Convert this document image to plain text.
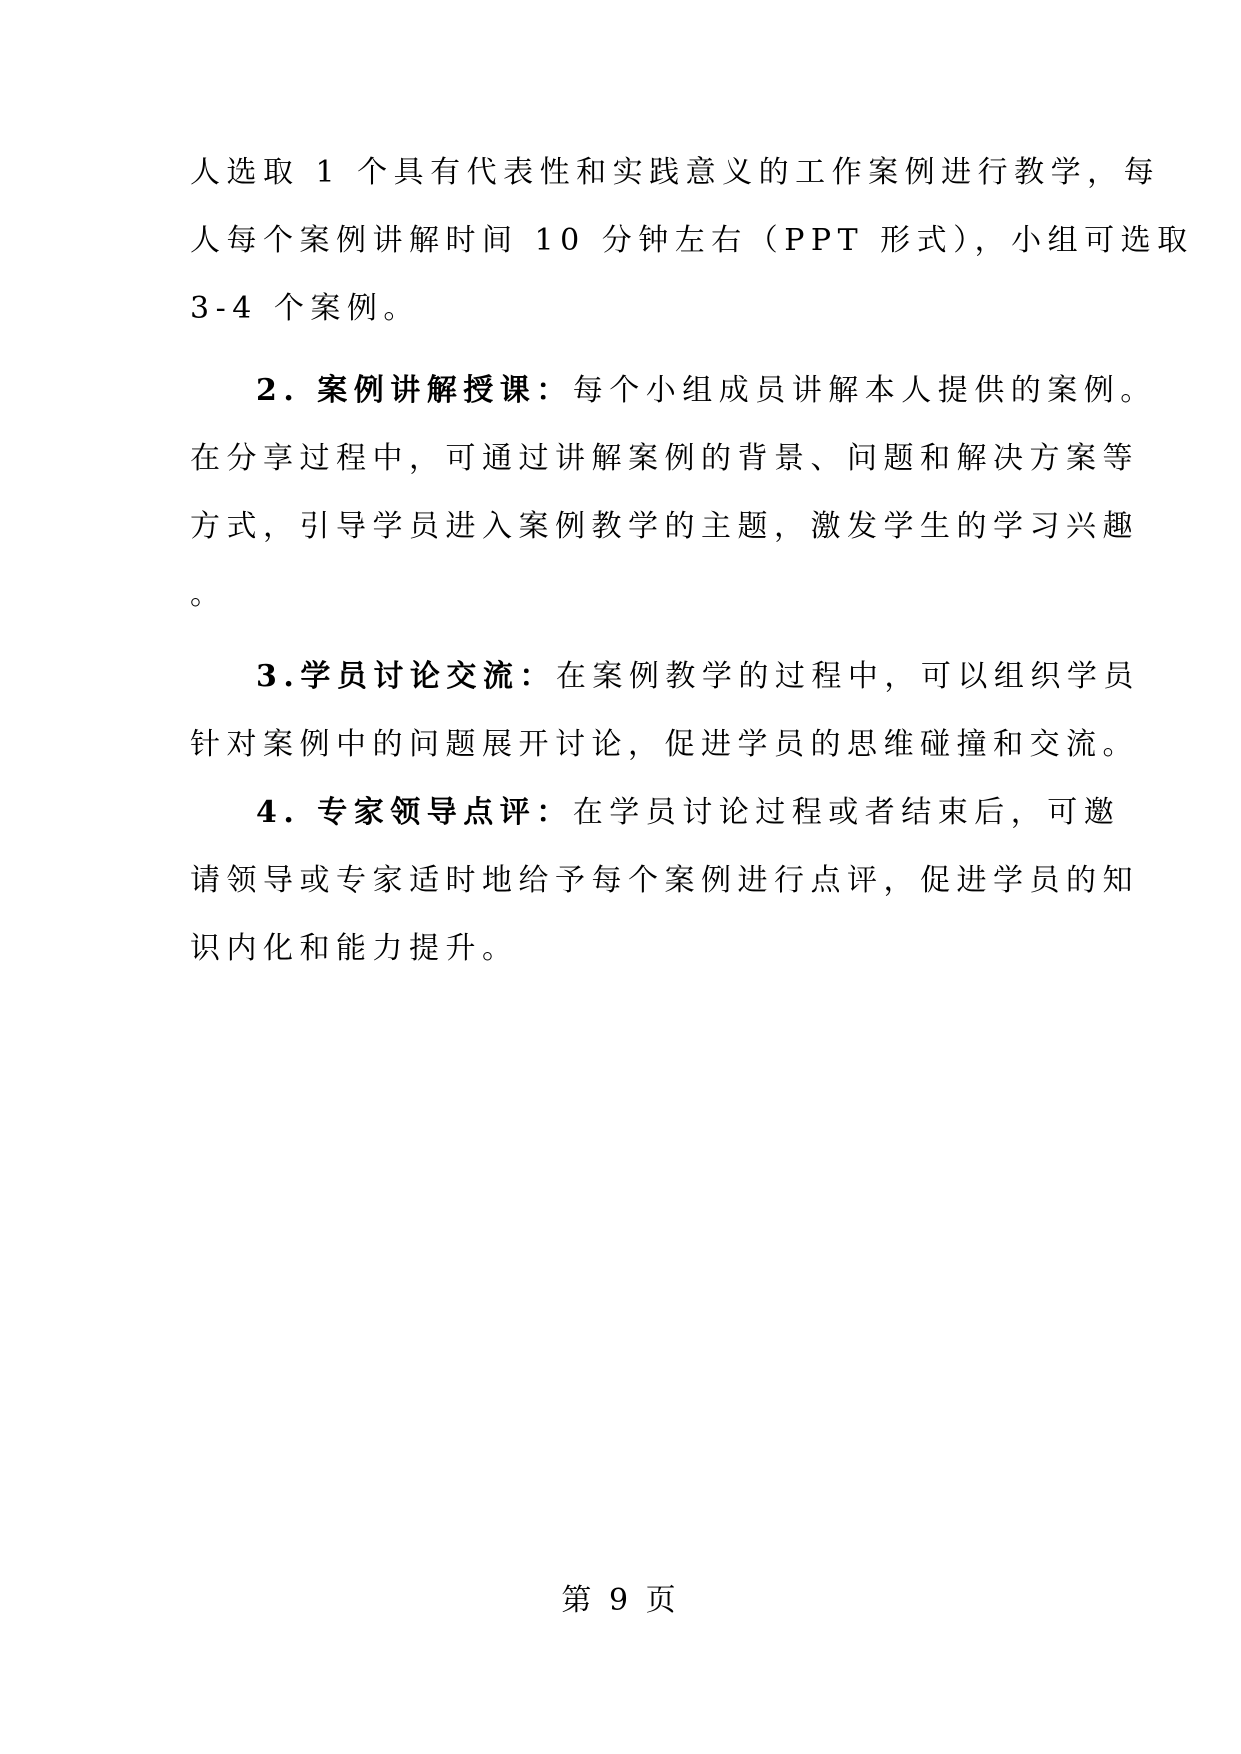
人选取 1 个具有代表性和实践意义的工作案例进行教学，每
人每个案例讲解时间 10 分钟左右（PPT 形式），小组可选取
3-4 个案例。
2. 案例讲解授课：每个小组成员讲解本人提供的案例。
在分享过程中，可通过讲解案例的背景、问题和解决方案等
方式，引导学员进入案例教学的主题，激发学生的学习兴趣
。
3.学员讨论交流：在案例教学的过程中，可以组织学员
针对案例中的问题展开讨论，促进学员的思维碰撞和交流。
4. 专家领导点评：在学员讨论过程或者结束后，可邀
请领导或专家适时地给予每个案例进行点评，促进学员的知
识内化和能力提升。
第 9 页
